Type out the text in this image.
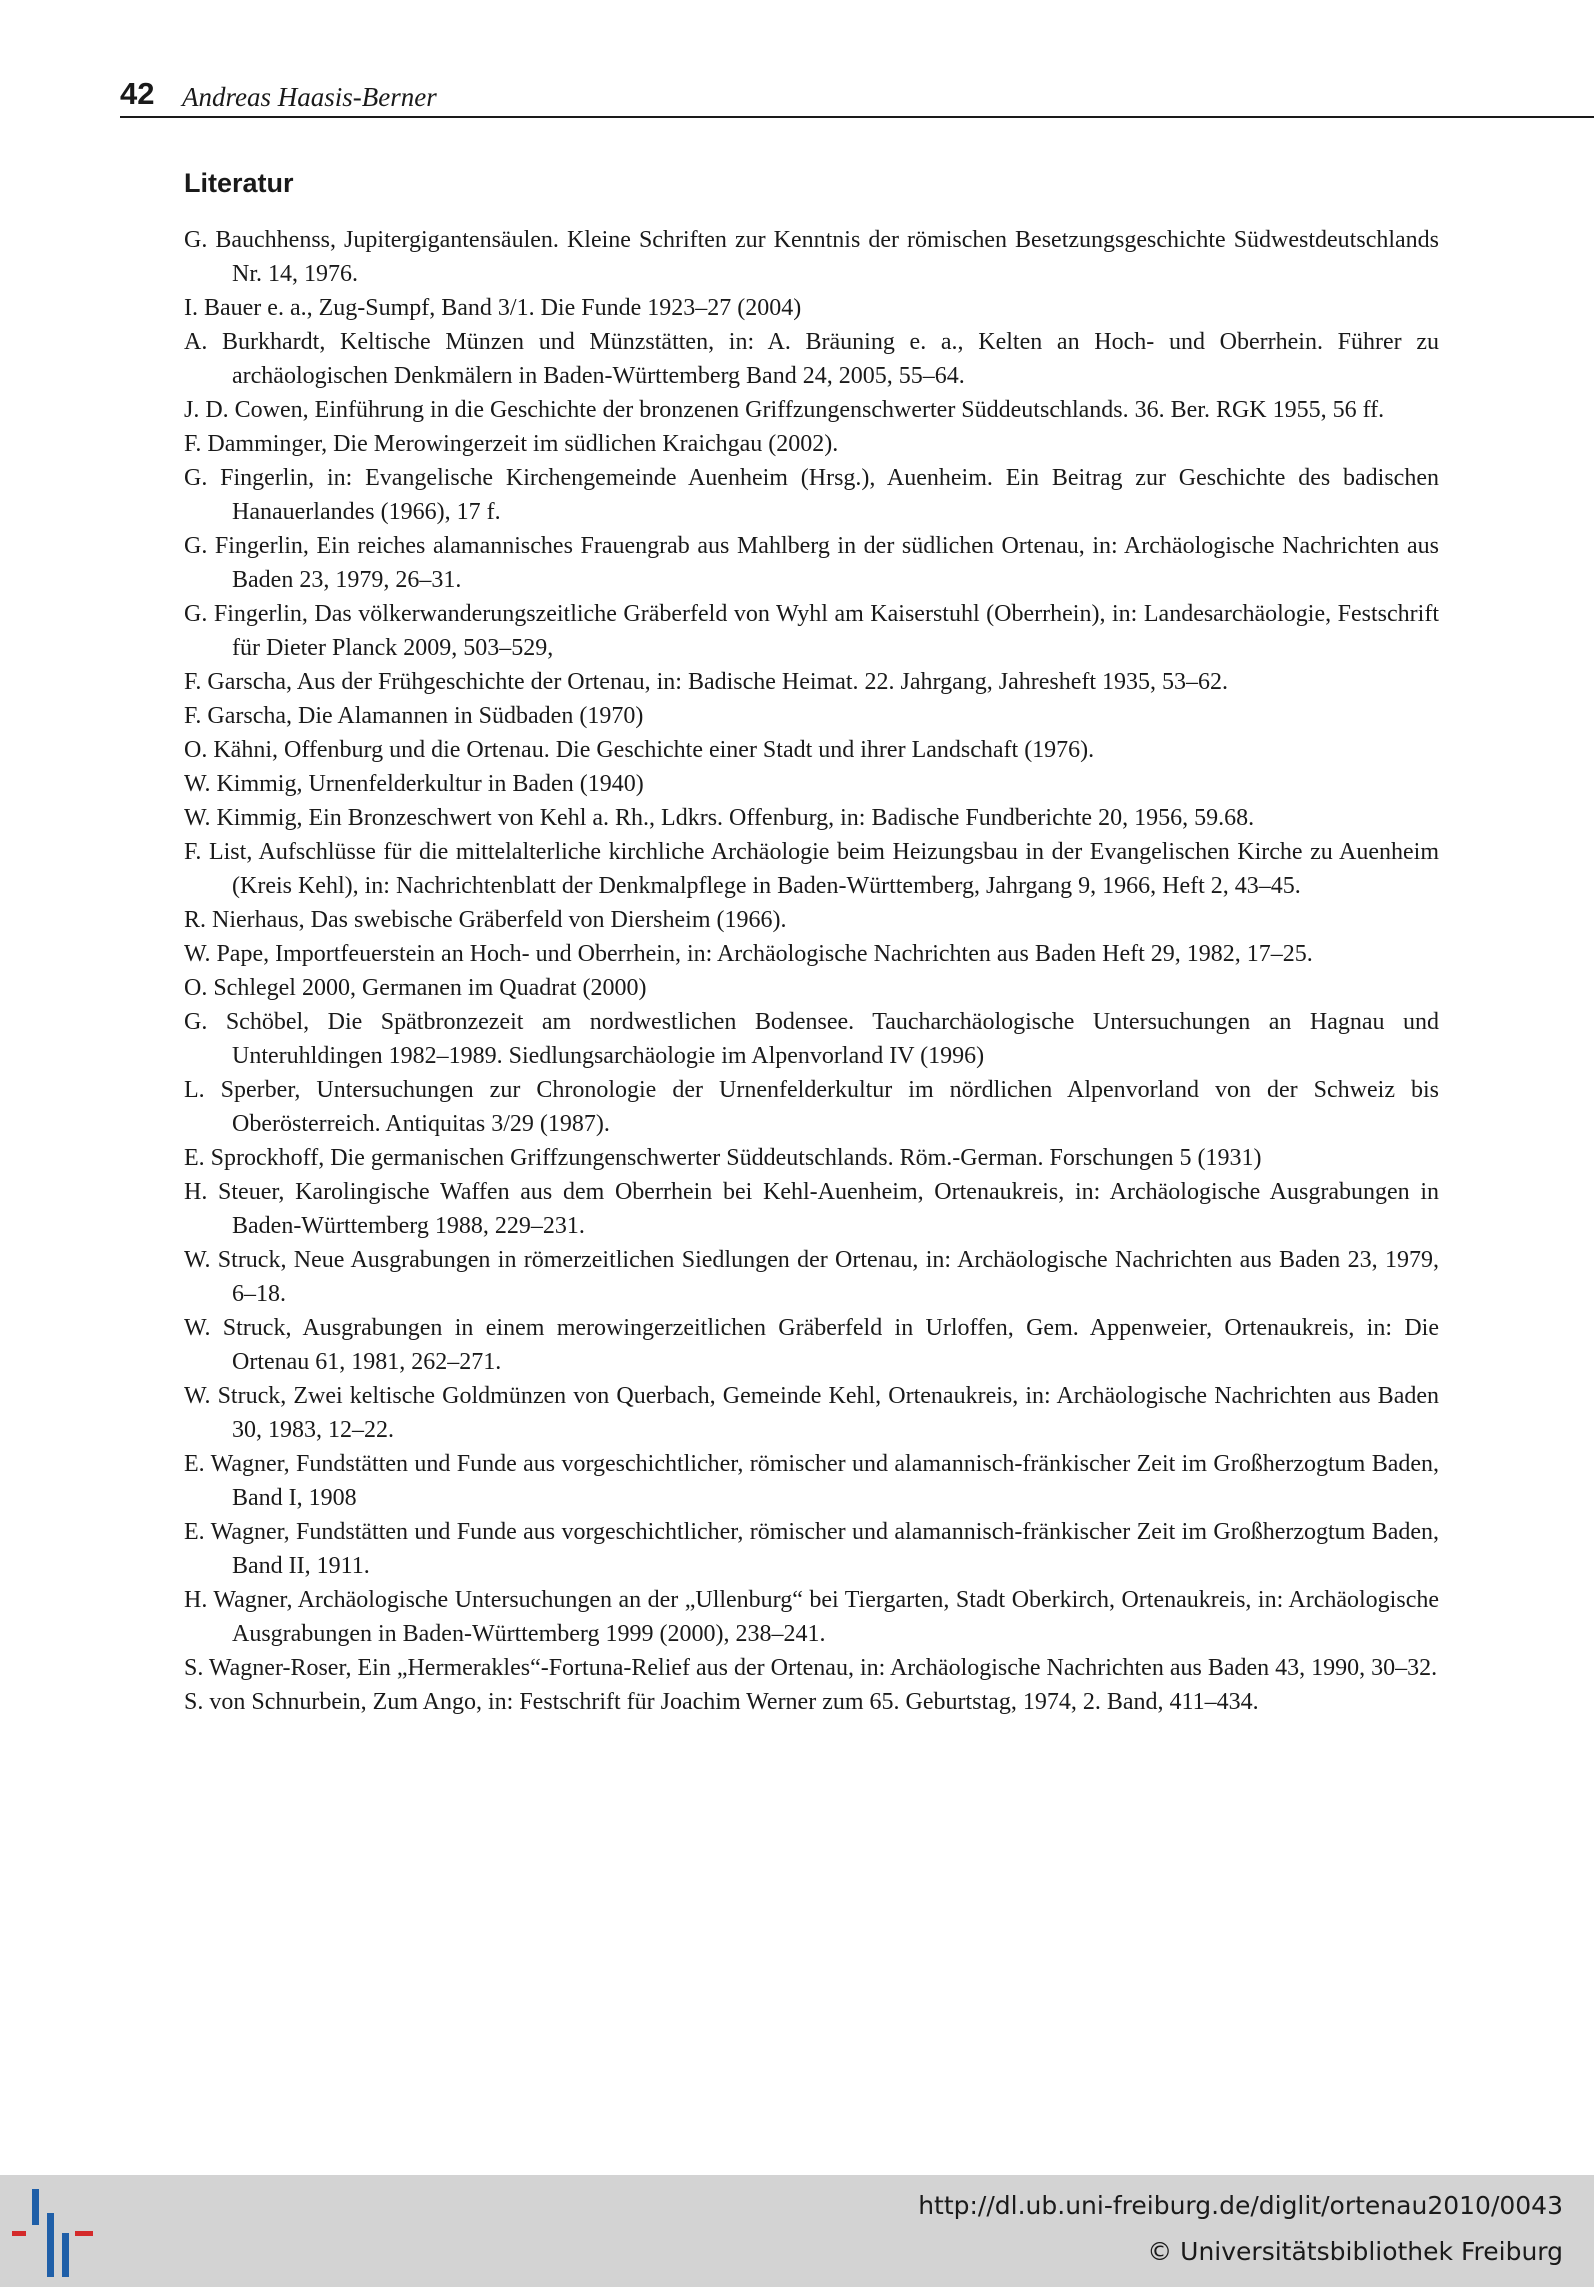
42 Andreas Haasis-Berner
Literatur
G. Bauchhenss, Jupitergigantensäulen. Kleine Schriften zur Kenntnis der römischen Besetzungsgeschichte Südwestdeutschlands Nr. 14, 1976.
I. Bauer e. a., Zug-Sumpf, Band 3/1. Die Funde 1923–27 (2004)
A. Burkhardt, Keltische Münzen und Münzstätten, in: A. Bräuning e. a., Kelten an Hoch- und Oberrhein. Führer zu archäologischen Denkmälern in Baden-Württemberg Band 24, 2005, 55–64.
J. D. Cowen, Einführung in die Geschichte der bronzenen Griffzungenschwerter Süddeutschlands. 36. Ber. RGK 1955, 56 ff.
F. Damminger, Die Merowingerzeit im südlichen Kraichgau (2002).
G. Fingerlin, in: Evangelische Kirchengemeinde Auenheim (Hrsg.), Auenheim. Ein Beitrag zur Geschichte des badischen Hanauerlandes (1966), 17 f.
G. Fingerlin, Ein reiches alamannisches Frauengrab aus Mahlberg in der südlichen Ortenau, in: Archäologische Nachrichten aus Baden 23, 1979, 26–31.
G. Fingerlin, Das völkerwanderungszeitliche Gräberfeld von Wyhl am Kaiserstuhl (Oberrhein), in: Landesarchäologie, Festschrift für Dieter Planck 2009, 503–529,
F. Garscha, Aus der Frühgeschichte der Ortenau, in: Badische Heimat. 22. Jahrgang, Jahresheft 1935, 53–62.
F. Garscha, Die Alamannen in Südbaden (1970)
O. Kähni, Offenburg und die Ortenau. Die Geschichte einer Stadt und ihrer Landschaft (1976).
W. Kimmig, Urnenfelderkultur in Baden (1940)
W. Kimmig, Ein Bronzeschwert von Kehl a. Rh., Ldkrs. Offenburg, in: Badische Fundberichte 20, 1956, 59.68.
F. List, Aufschlüsse für die mittelalterliche kirchliche Archäologie beim Heizungsbau in der Evangelischen Kirche zu Auenheim (Kreis Kehl), in: Nachrichtenblatt der Denkmalpflege in Baden-Württemberg, Jahrgang 9, 1966, Heft 2, 43–45.
R. Nierhaus, Das swebische Gräberfeld von Diersheim (1966).
W. Pape, Importfeuerstein an Hoch- und Oberrhein, in: Archäologische Nachrichten aus Baden Heft 29, 1982, 17–25.
O. Schlegel 2000, Germanen im Quadrat (2000)
G. Schöbel, Die Spätbronzezeit am nordwestlichen Bodensee. Taucharchäologische Untersuchungen an Hagnau und Unteruhldingen 1982–1989. Siedlungsarchäologie im Alpenvorland IV (1996)
L. Sperber, Untersuchungen zur Chronologie der Urnenfelderkultur im nördlichen Alpenvorland von der Schweiz bis Oberösterreich. Antiquitas 3/29 (1987).
E. Sprockhoff, Die germanischen Griffzungenschwerter Süddeutschlands. Röm.-German. Forschungen 5 (1931)
H. Steuer, Karolingische Waffen aus dem Oberrhein bei Kehl-Auenheim, Ortenaukreis, in: Archäologische Ausgrabungen in Baden-Württemberg 1988, 229–231.
W. Struck, Neue Ausgrabungen in römerzeitlichen Siedlungen der Ortenau, in: Archäologische Nachrichten aus Baden 23, 1979, 6–18.
W. Struck, Ausgrabungen in einem merowingerzeitlichen Gräberfeld in Urloffen, Gem. Appenweier, Ortenaukreis, in: Die Ortenau 61, 1981, 262–271.
W. Struck, Zwei keltische Goldmünzen von Querbach, Gemeinde Kehl, Ortenaukreis, in: Archäologische Nachrichten aus Baden 30, 1983, 12–22.
E. Wagner, Fundstätten und Funde aus vorgeschichtlicher, römischer und alamannisch-fränkischer Zeit im Großherzogtum Baden, Band I, 1908
E. Wagner, Fundstätten und Funde aus vorgeschichtlicher, römischer und alamannisch-fränkischer Zeit im Großherzogtum Baden, Band II, 1911.
H. Wagner, Archäologische Untersuchungen an der „Ullenburg“ bei Tiergarten, Stadt Oberkirch, Ortenaukreis, in: Archäologische Ausgrabungen in Baden-Württemberg 1999 (2000), 238–241.
S. Wagner-Roser, Ein „Hermerakles“-Fortuna-Relief aus der Ortenau, in: Archäologische Nachrichten aus Baden 43, 1990, 30–32.
S. von Schnurbein, Zum Ango, in: Festschrift für Joachim Werner zum 65. Geburtstag, 1974, 2. Band, 411–434.
http://dl.ub.uni-freiburg.de/diglit/ortenau2010/0043
© Universitätsbibliothek Freiburg
